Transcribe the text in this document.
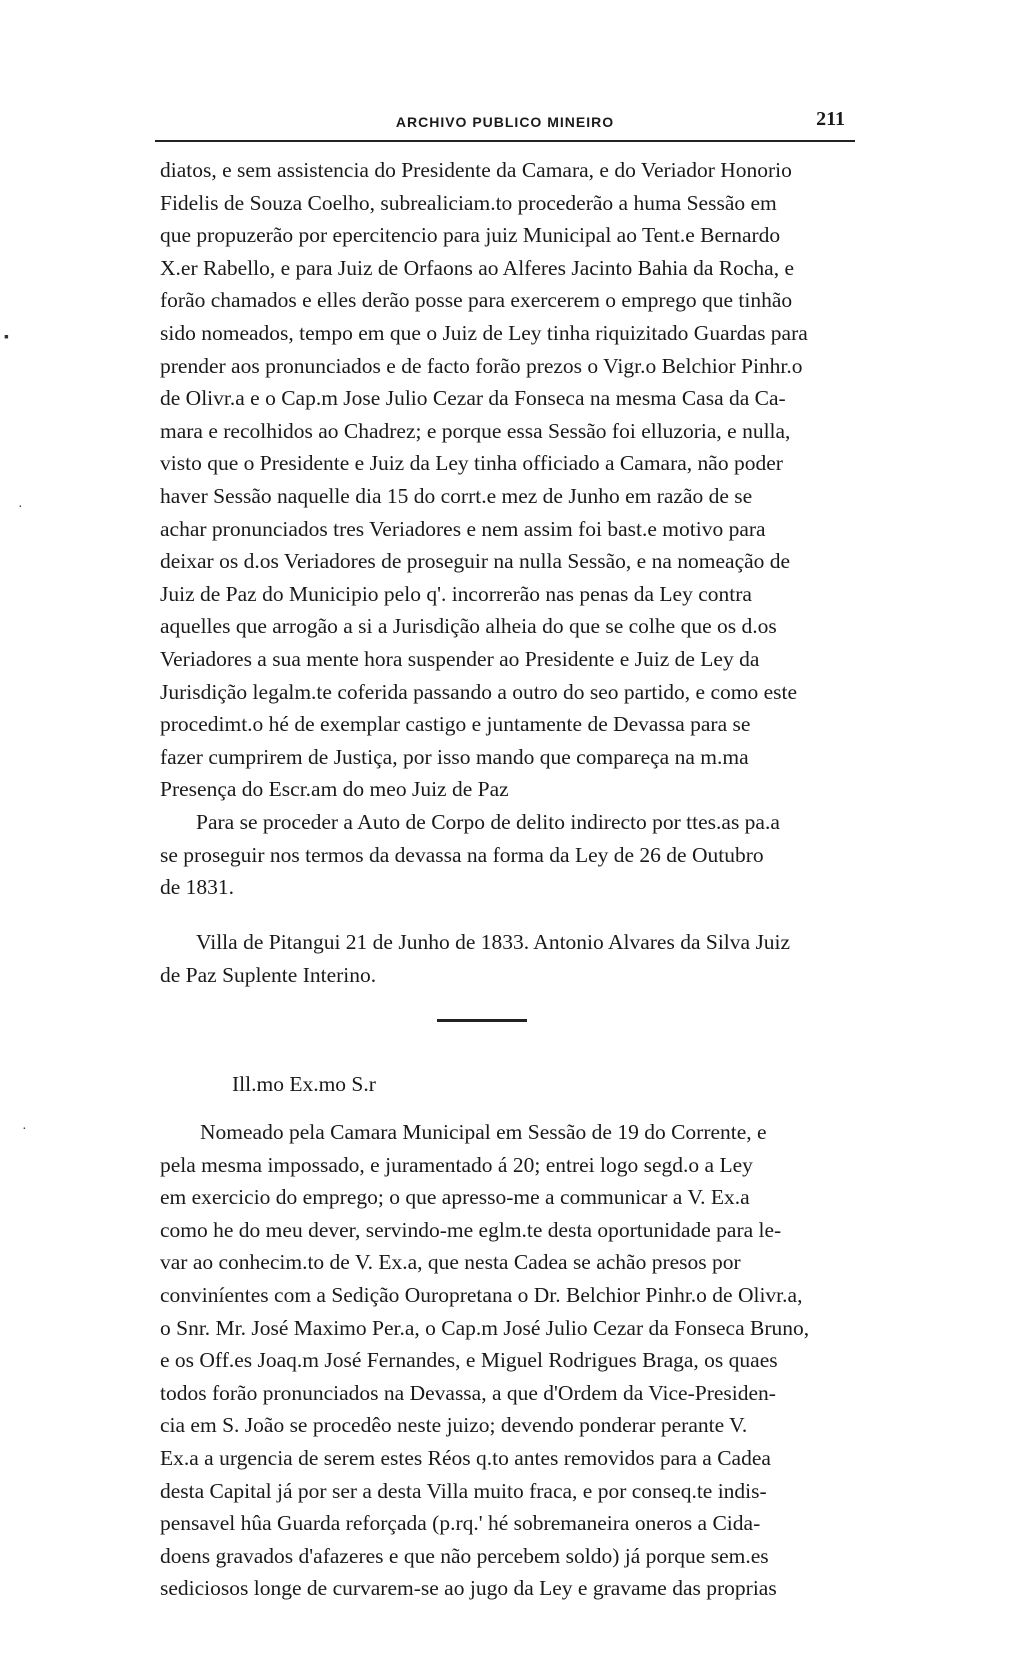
ARCHIVO PUBLICO MINEIRO	211
▪
·
·

diatos, e sem assistencia do Presidente da Camara, e do Veriador Honorio
Fidelis de Souza Coelho, subrealiciam.to procederão a huma Sessão em
que propuzerão por epercitencio para juiz Municipal ao Tent.e Bernardo
X.er Rabello, e para Juiz de Orfaons ao Alferes Jacinto Bahia da Rocha, e
forão chamados e elles derão posse para exercerem o emprego que tinhão
sido nomeados, tempo em que o Juiz de Ley tinha riquizitado Guardas para
prender aos pronunciados e de facto forão prezos o Vigr.o Belchior Pinhr.o
de Olivr.a e o Cap.m Jose Julio Cezar da Fonseca na mesma Casa da Ca-
mara e recolhidos ao Chadrez; e porque essa Sessão foi elluzoria, e nulla,
visto que o Presidente e Juiz da Ley tinha officiado a Camara, não poder
haver Sessão naquelle dia 15 do corrt.e mez de Junho em razão de se
achar pronunciados tres Veriadores e nem assim foi bast.e motivo para
deixar os d.os Veriadores de proseguir na nulla Sessão, e na nomeação de
Juiz de Paz do Municipio pelo q'. incorrerão nas penas da Ley contra
aquelles que arrogão a si a Jurisdição alheia do que se colhe que os d.os
Veriadores a sua mente hora suspender ao Presidente e Juiz de Ley da
Jurisdição legalm.te coferida passando a outro do seo partido, e como este
procedimt.o hé de exemplar castigo e juntamente de Devassa para se
fazer cumprirem de Justiça, por isso mando que compareça na m.ma
Presença do Escr.am do meo Juiz de Paz

Para se proceder a Auto de Corpo de delito indirecto por ttes.as pa.a
se proseguir nos termos da devassa na forma da Ley de 26 de Outubro
de 1831.

Villa de Pitangui 21 de Junho de 1833. Antonio Alvares da Silva Juiz
de Paz Suplente Interino.

Ill.mo Ex.mo S.r

Nomeado pela Camara Municipal em Sessão de 19 do Corrente, e
pela mesma impossado, e juramentado á 20; entrei logo segd.o a Ley
em exercicio do emprego; o que apresso-me a communicar a V. Ex.a
como he do meu dever, servindo-me eglm.te desta oportunidade para le-
var ao conhecim.to de V. Ex.a, que nesta Cadea se achão presos por
conviníentes com a Sedição Ouropretana o Dr. Belchior Pinhr.o de Olivr.a,
o Snr. Mr. José Maximo Per.a, o Cap.m José Julio Cezar da Fonseca Bruno,
e os Off.es Joaq.m José Fernandes, e Miguel Rodrigues Braga, os quaes
todos forão pronunciados na Devassa, a que d'Ordem da Vice-Presiden-
cia em S. João se procedêo neste juizo; devendo ponderar perante V.
Ex.a a urgencia de serem estes Réos q.to antes removidos para a Cadea
desta Capital já por ser a desta Villa muito fraca, e por conseq.te indis-
pensavel hûa Guarda reforçada (p.rq.' hé sobremaneira oneros a Cida-
doens gravados d'afazeres e que não percebem soldo) já porque sem.es
sediciosos longe de curvarem-se ao jugo da Ley e gravame das proprias
